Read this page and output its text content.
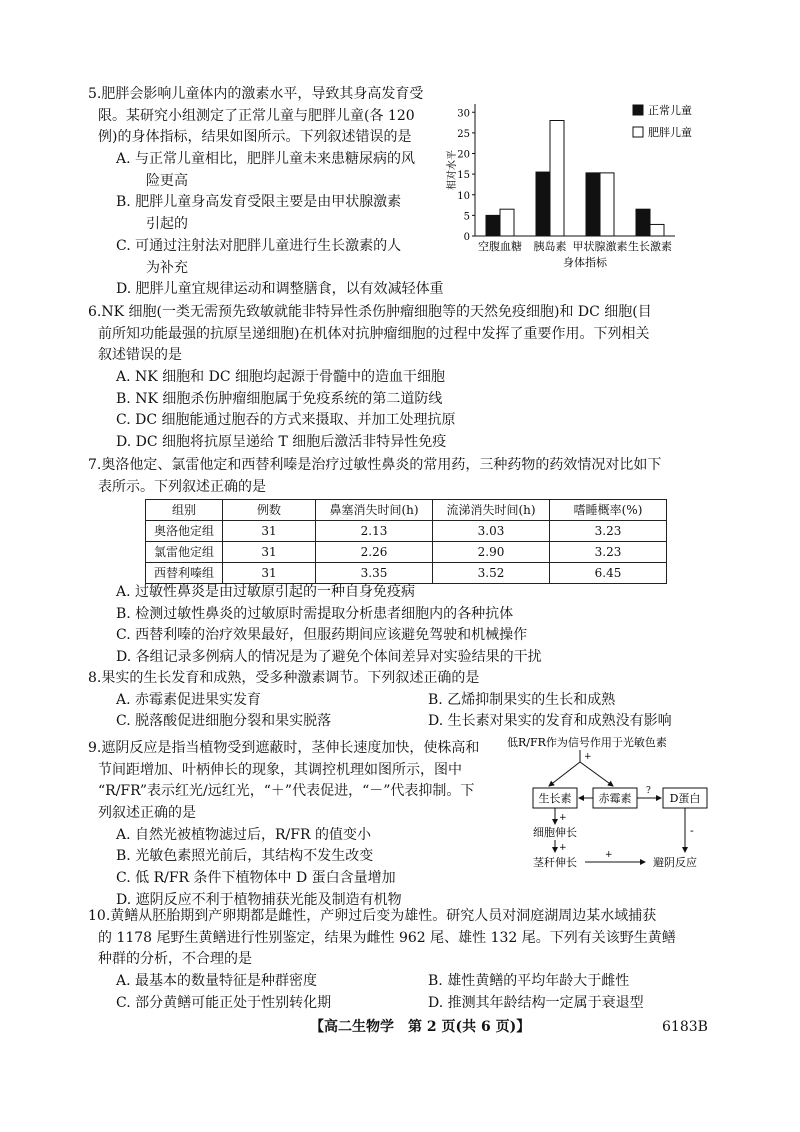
5.肥胖会影响儿童体内的激素水平，导致其身高发育受

限。某研究小组测定了正常儿童与肥胖儿童(各 120

例)的身体指标，结果如图所示。下列叙述错误的是

A. 与正常儿童相比，肥胖儿童未来患糖尿病的风

险更高

B. 肥胖儿童身高发育受限主要是由甲状腺激素

引起的

C. 可通过注射法对肥胖儿童进行生长激素的人

为补充

D. 肥胖儿童宜规律运动和调整膳食，以有效减轻体重

0
5
10
15
20
25
30
相对水平
空腹血糖 胰岛素 甲状腺激素 生长激素
身体指标
正常儿童
肥胖儿童

6.NK 细胞(一类无需预先致敏就能非特异性杀伤肿瘤细胞等的天然免疫细胞)和 DC 细胞(目

前所知功能最强的抗原呈递细胞)在机体对抗肿瘤细胞的过程中发挥了重要作用。下列相关

叙述错误的是

A. NK 细胞和 DC 细胞均起源于骨髓中的造血干细胞

B. NK 细胞杀伤肿瘤细胞属于免疫系统的第二道防线

C. DC 细胞能通过胞吞的方式来摄取、并加工处理抗原

D. DC 细胞将抗原呈递给 T 细胞后激活非特异性免疫

7.奥洛他定、氯雷他定和西替利嗪是治疗过敏性鼻炎的常用药，三种药物的药效情况对比如下

表所示。下列叙述正确的是

组别	例数	鼻塞消失时间(h)	流涕消失时间(h)	嗜睡概率(%)
奥洛他定组	31	2.13	3.03	3.23
氯雷他定组	31	2.26	2.90	3.23
西替利嗪组	31	3.35	3.52	6.45

A. 过敏性鼻炎是由过敏原引起的一种自身免疫病

B. 检测过敏性鼻炎的过敏原时需提取分析患者细胞内的各种抗体

C. 西替利嗪的治疗效果最好，但服药期间应该避免驾驶和机械操作

D. 各组记录多例病人的情况是为了避免个体间差异对实验结果的干扰

8.果实的生长发育和成熟，受多种激素调节。下列叙述正确的是

A. 赤霉素促进果实发育	B. 乙烯抑制果实的生长和成熟
C. 脱落酸促进细胞分裂和果实脱落	D. 生长素对果实的发育和成熟没有影响

9.遮阴反应是指当植物受到遮蔽时，茎伸长速度加快，使株高和

节间距增加、叶柄伸长的现象，其调控机理如图所示，图中

“R/FR”表示红光/远红光，“＋”代表促进，“－”代表抑制。下

列叙述正确的是

A. 自然光被植物滤过后，R/FR 的值变小

B. 光敏色素照光前后，其结构不发生改变

C. 低 R/FR 条件下植物体中 D 蛋白含量增加

D. 遮阴反应不利于植物捕获光能及制造有机物

低R/FR作为信号作用于光敏色素
+
生长素 赤霉素	D蛋白
?
+
细胞伸长
+
茎秆伸长
+
-
避阴反应

10.黄鳝从胚胎期到产卵期都是雌性，产卵过后变为雄性。研究人员对洞庭湖周边某水域捕获

的 1178 尾野生黄鳝进行性别鉴定，结果为雌性 962 尾、雄性 132 尾。下列有关该野生黄鳝

种群的分析，不合理的是

A. 最基本的数量特征是种群密度	B. 雄性黄鳝的平均年龄大于雌性
C. 部分黄鳝可能正处于性别转化期	D. 推测其年龄结构一定属于衰退型
【高二生物学　第 2 页(共 6 页)】	6183B
